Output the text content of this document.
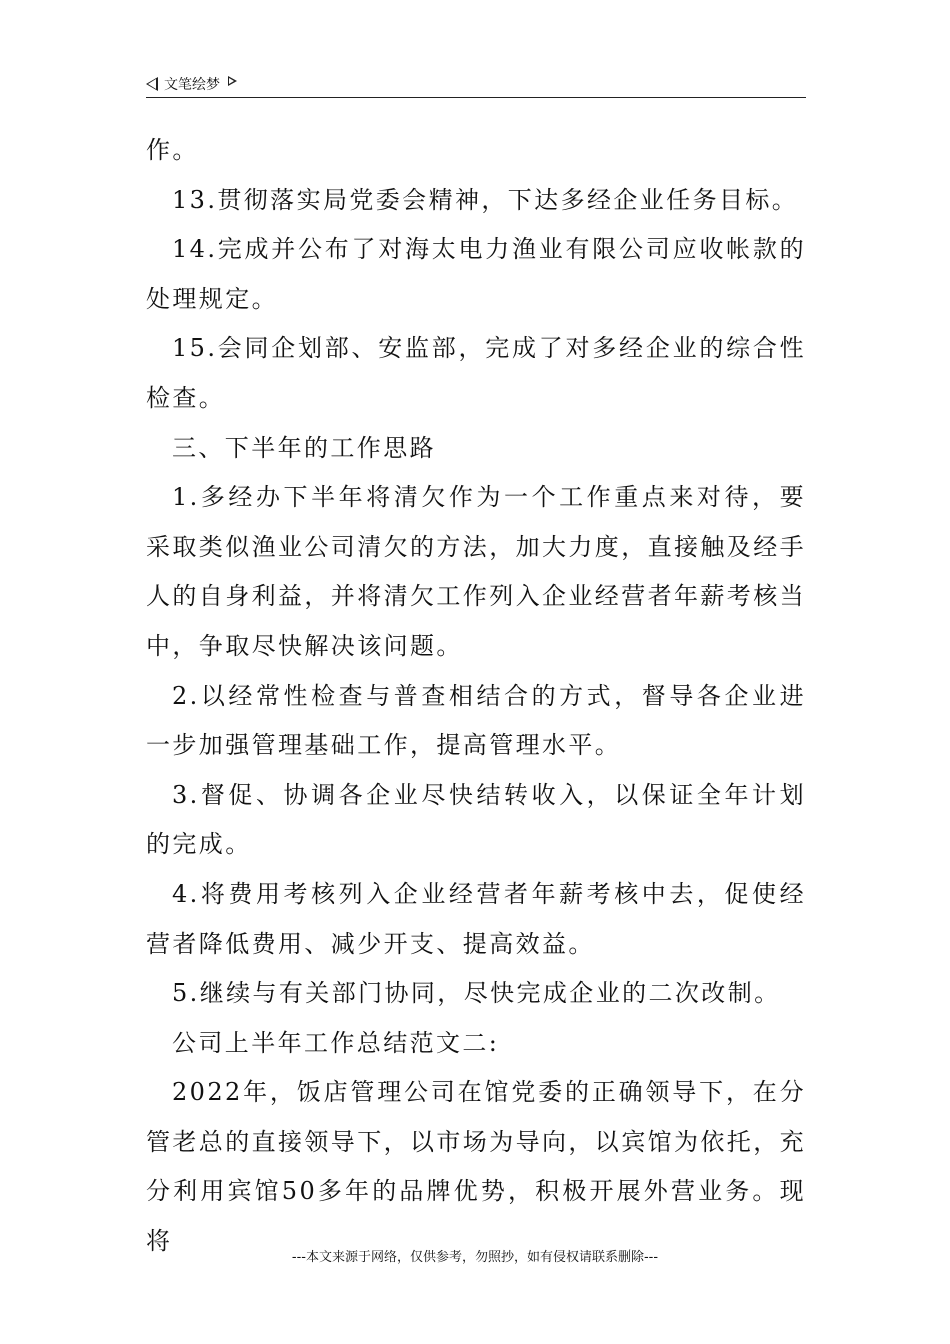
文笔绘梦

作。

13.贯彻落实局党委会精神，下达多经企业任务目标。

14.完成并公布了对海太电力渔业有限公司应收帐款的处理规定。

15.会同企划部、安监部，完成了对多经企业的综合性检查。

三、下半年的工作思路

1.多经办下半年将清欠作为一个工作重点来对待，要采取类似渔业公司清欠的方法，加大力度，直接触及经手人的自身利益，并将清欠工作列入企业经营者年薪考核当中，争取尽快解决该问题。

2.以经常性检查与普查相结合的方式，督导各企业进一步加强管理基础工作，提高管理水平。

3.督促、协调各企业尽快结转收入，以保证全年计划的完成。

4.将费用考核列入企业经营者年薪考核中去，促使经营者降低费用、减少开支、提高效益。

5.继续与有关部门协同，尽快完成企业的二次改制。

公司上半年工作总结范文二:

2022年，饭店管理公司在馆党委的正确领导下，在分管老总的直接领导下，以市场为导向，以宾馆为依托，充分利用宾馆50多年的品牌优势，积极开展外营业务。现将

---本文来源于网络，仅供参考，勿照抄，如有侵权请联系删除---
